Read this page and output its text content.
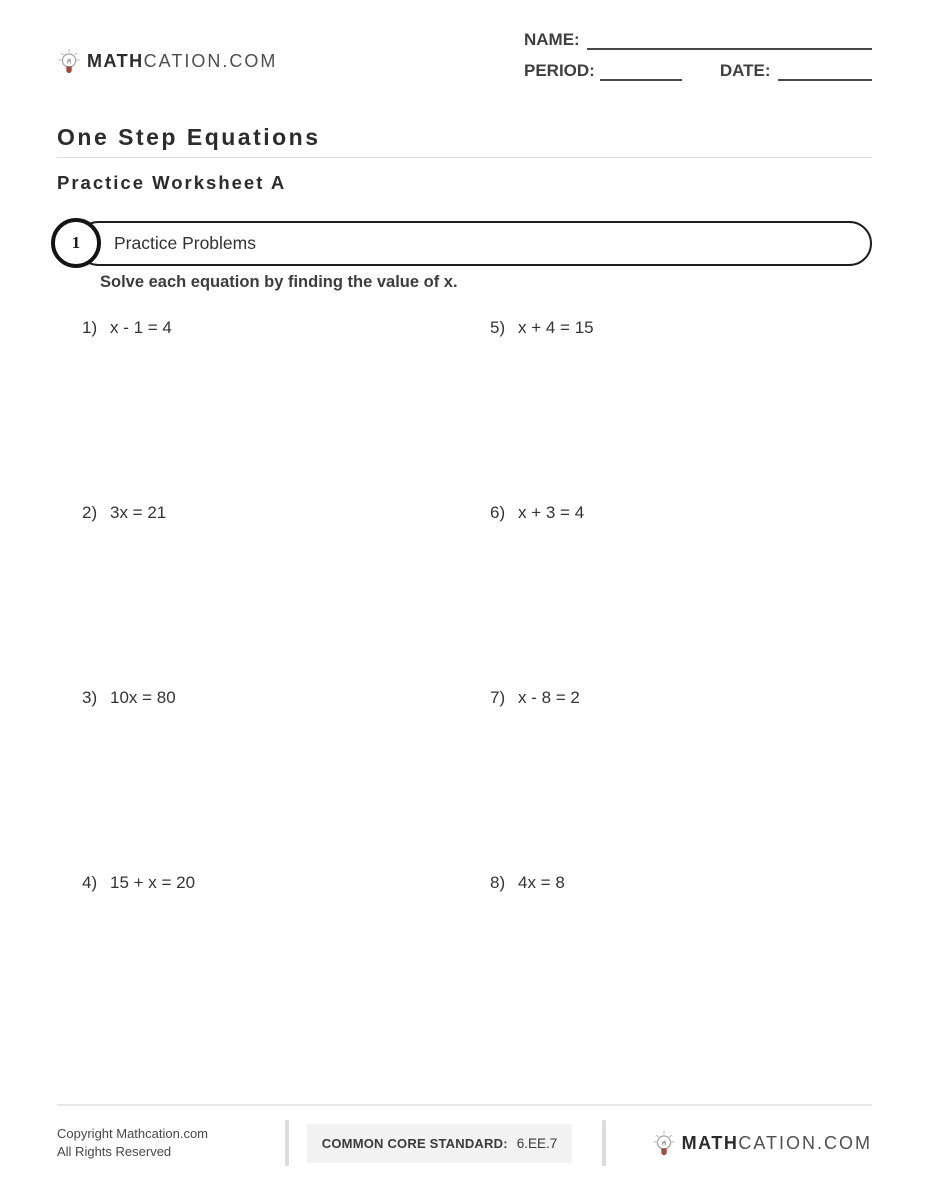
MATHCATION.COM
NAME:
PERIOD:	DATE:
One Step Equations
Practice Worksheet A
1	Practice Problems
Solve each equation by finding the value of x.
1) x - 1 = 4
2) 3x = 21
3) 10x = 80
4) 15 + x = 20
5) x + 4 = 15
6) x + 3 = 4
7) x - 8 = 2
8) 4x = 8
Copyright Mathcation.com
All Rights Reserved
COMMON CORE STANDARD: 6.EE.7	MATHCATION.COM
